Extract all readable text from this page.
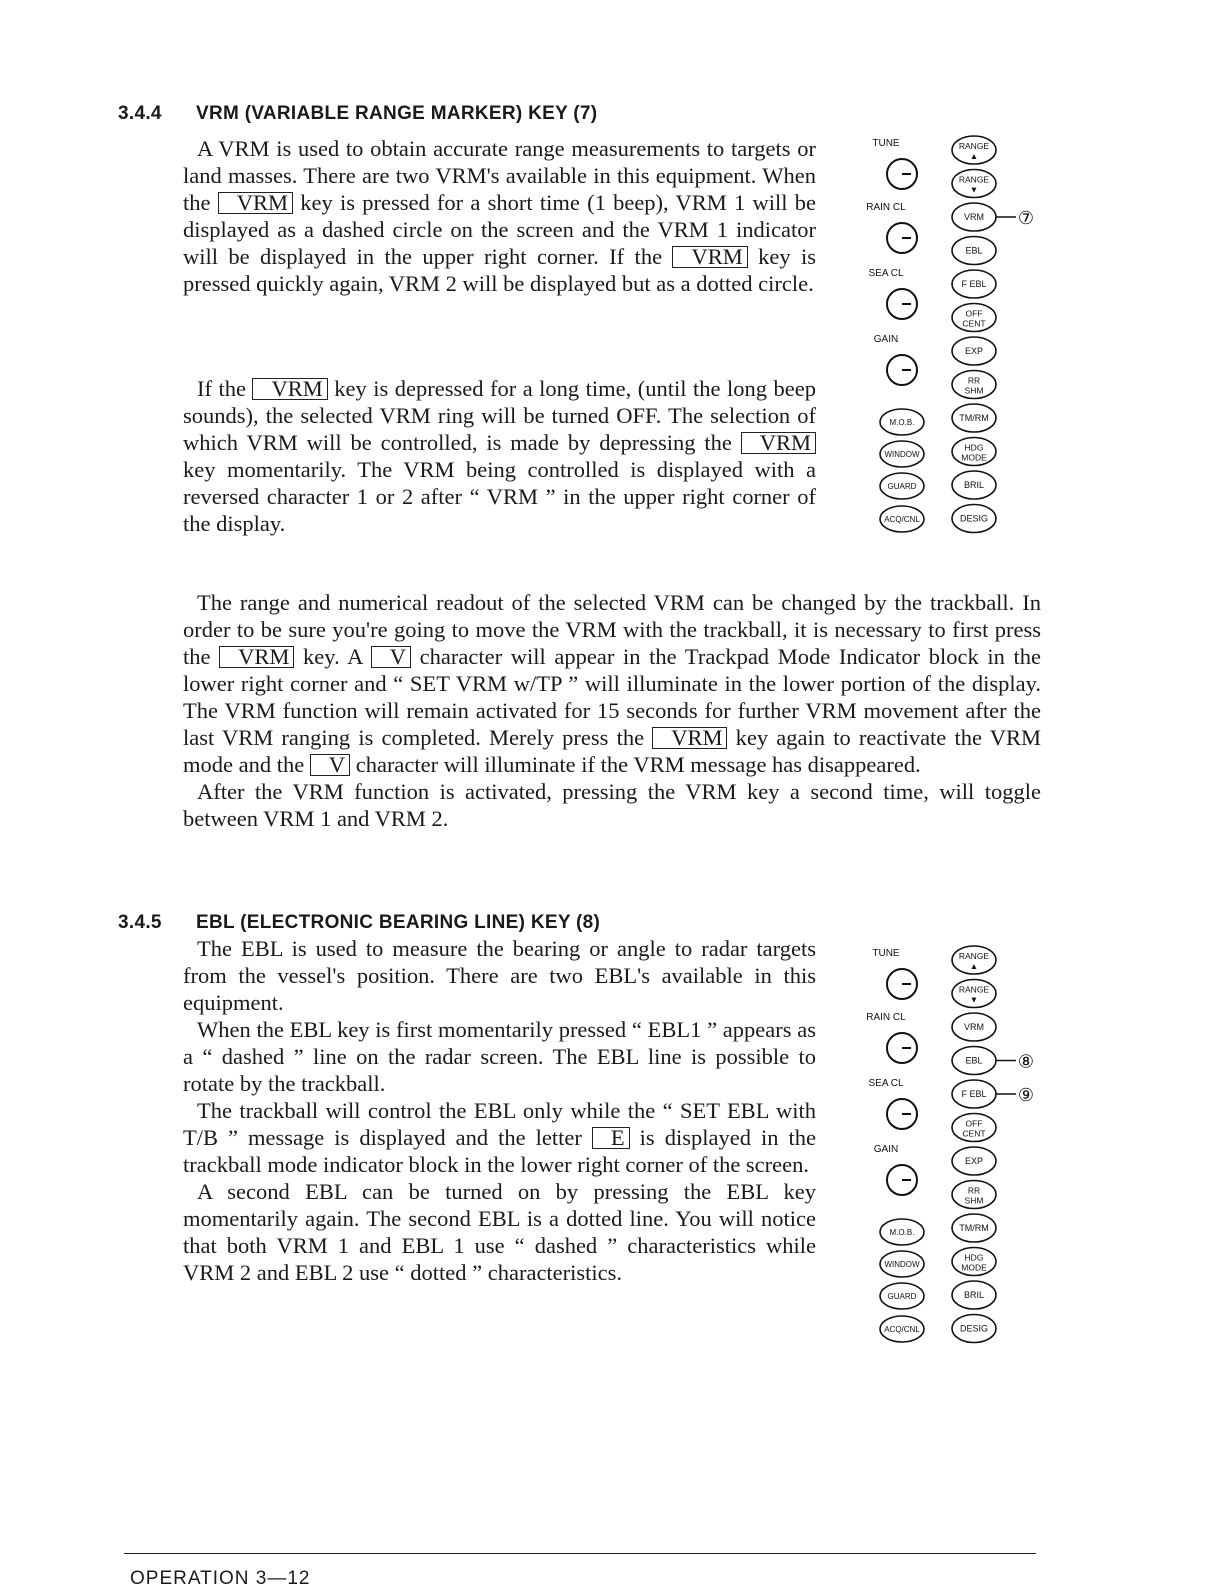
3.4.4 VRM (VARIABLE RANGE MARKER) KEY (7)

A VRM is used to obtain accurate range measurements to targets or land masses. There are two VRM's available in this equipment. When the VRM key is pressed for a short time (1 beep), VRM 1 will be displayed as a dashed circle on the screen and the VRM 1 indicator will be displayed in the upper right corner. If the VRM key is pressed quickly again, VRM 2 will be displayed but as a dotted circle.

If the VRM key is depressed for a long time, (until the long beep sounds), the selected VRM ring will be turned OFF. The selection of which VRM will be controlled, is made by depressing the VRM key momentarily. The VRM being controlled is displayed with a reversed character 1 or 2 after “ VRM ” in the upper right corner of the display.

The range and numerical readout of the selected VRM can be changed by the trackball. In order to be sure you're going to move the VRM with the trackball, it is necessary to first press the VRM key. A V character will appear in the Trackpad Mode Indicator block in the lower right corner and “ SET VRM w/TP ” will illuminate in the lower portion of the display. The VRM function will remain activated for 15 seconds for further VRM movement after the last VRM ranging is completed. Merely press the VRM key again to reactivate the VRM mode and the V character will illuminate if the VRM message has disappeared.

After the VRM function is activated, pressing the VRM key a second time, will toggle between VRM 1 and VRM 2.

3.4.5 EBL (ELECTRONIC BEARING LINE) KEY (8)

The EBL is used to measure the bearing or angle to radar targets from the vessel's position. There are two EBL's available in this equipment.

When the EBL key is first momentarily pressed “ EBL1 ” appears as a “ dashed ” line on the radar screen. The EBL line is possible to rotate by the trackball.

The trackball will control the EBL only while the “ SET EBL with T/B ” message is displayed and the letter E is displayed in the trackball mode indicator block in the lower right corner of the screen.

A second EBL can be turned on by pressing the EBL key momentarily again. The second EBL is a dotted line. You will notice that both VRM 1 and EBL 1 use “ dashed ” characteristics while VRM 2 and EBL 2 use “ dotted ” characteristics.

TUNE
RAIN CL
SEA CL
GAIN
M.O.B.
WINDOW
GUARD
ACQ/CNL
RANGE
▲
RANGE
▼
VRM
EBL
F EBL
OFF
CENT
EXP
RR
SHM
TM/RM
HDG
MODE
BRIL
DESIG
⑦
TUNE
RAIN CL
SEA CL
GAIN
M.O.B.
WINDOW
GUARD
ACQ/CNL
RANGE
▲
RANGE
▼
VRM
EBL
F EBL
OFF
CENT
EXP
RR
SHM
TM/RM
HDG
MODE
BRIL
DESIG
⑧
⑨
OPERATION 3—12
